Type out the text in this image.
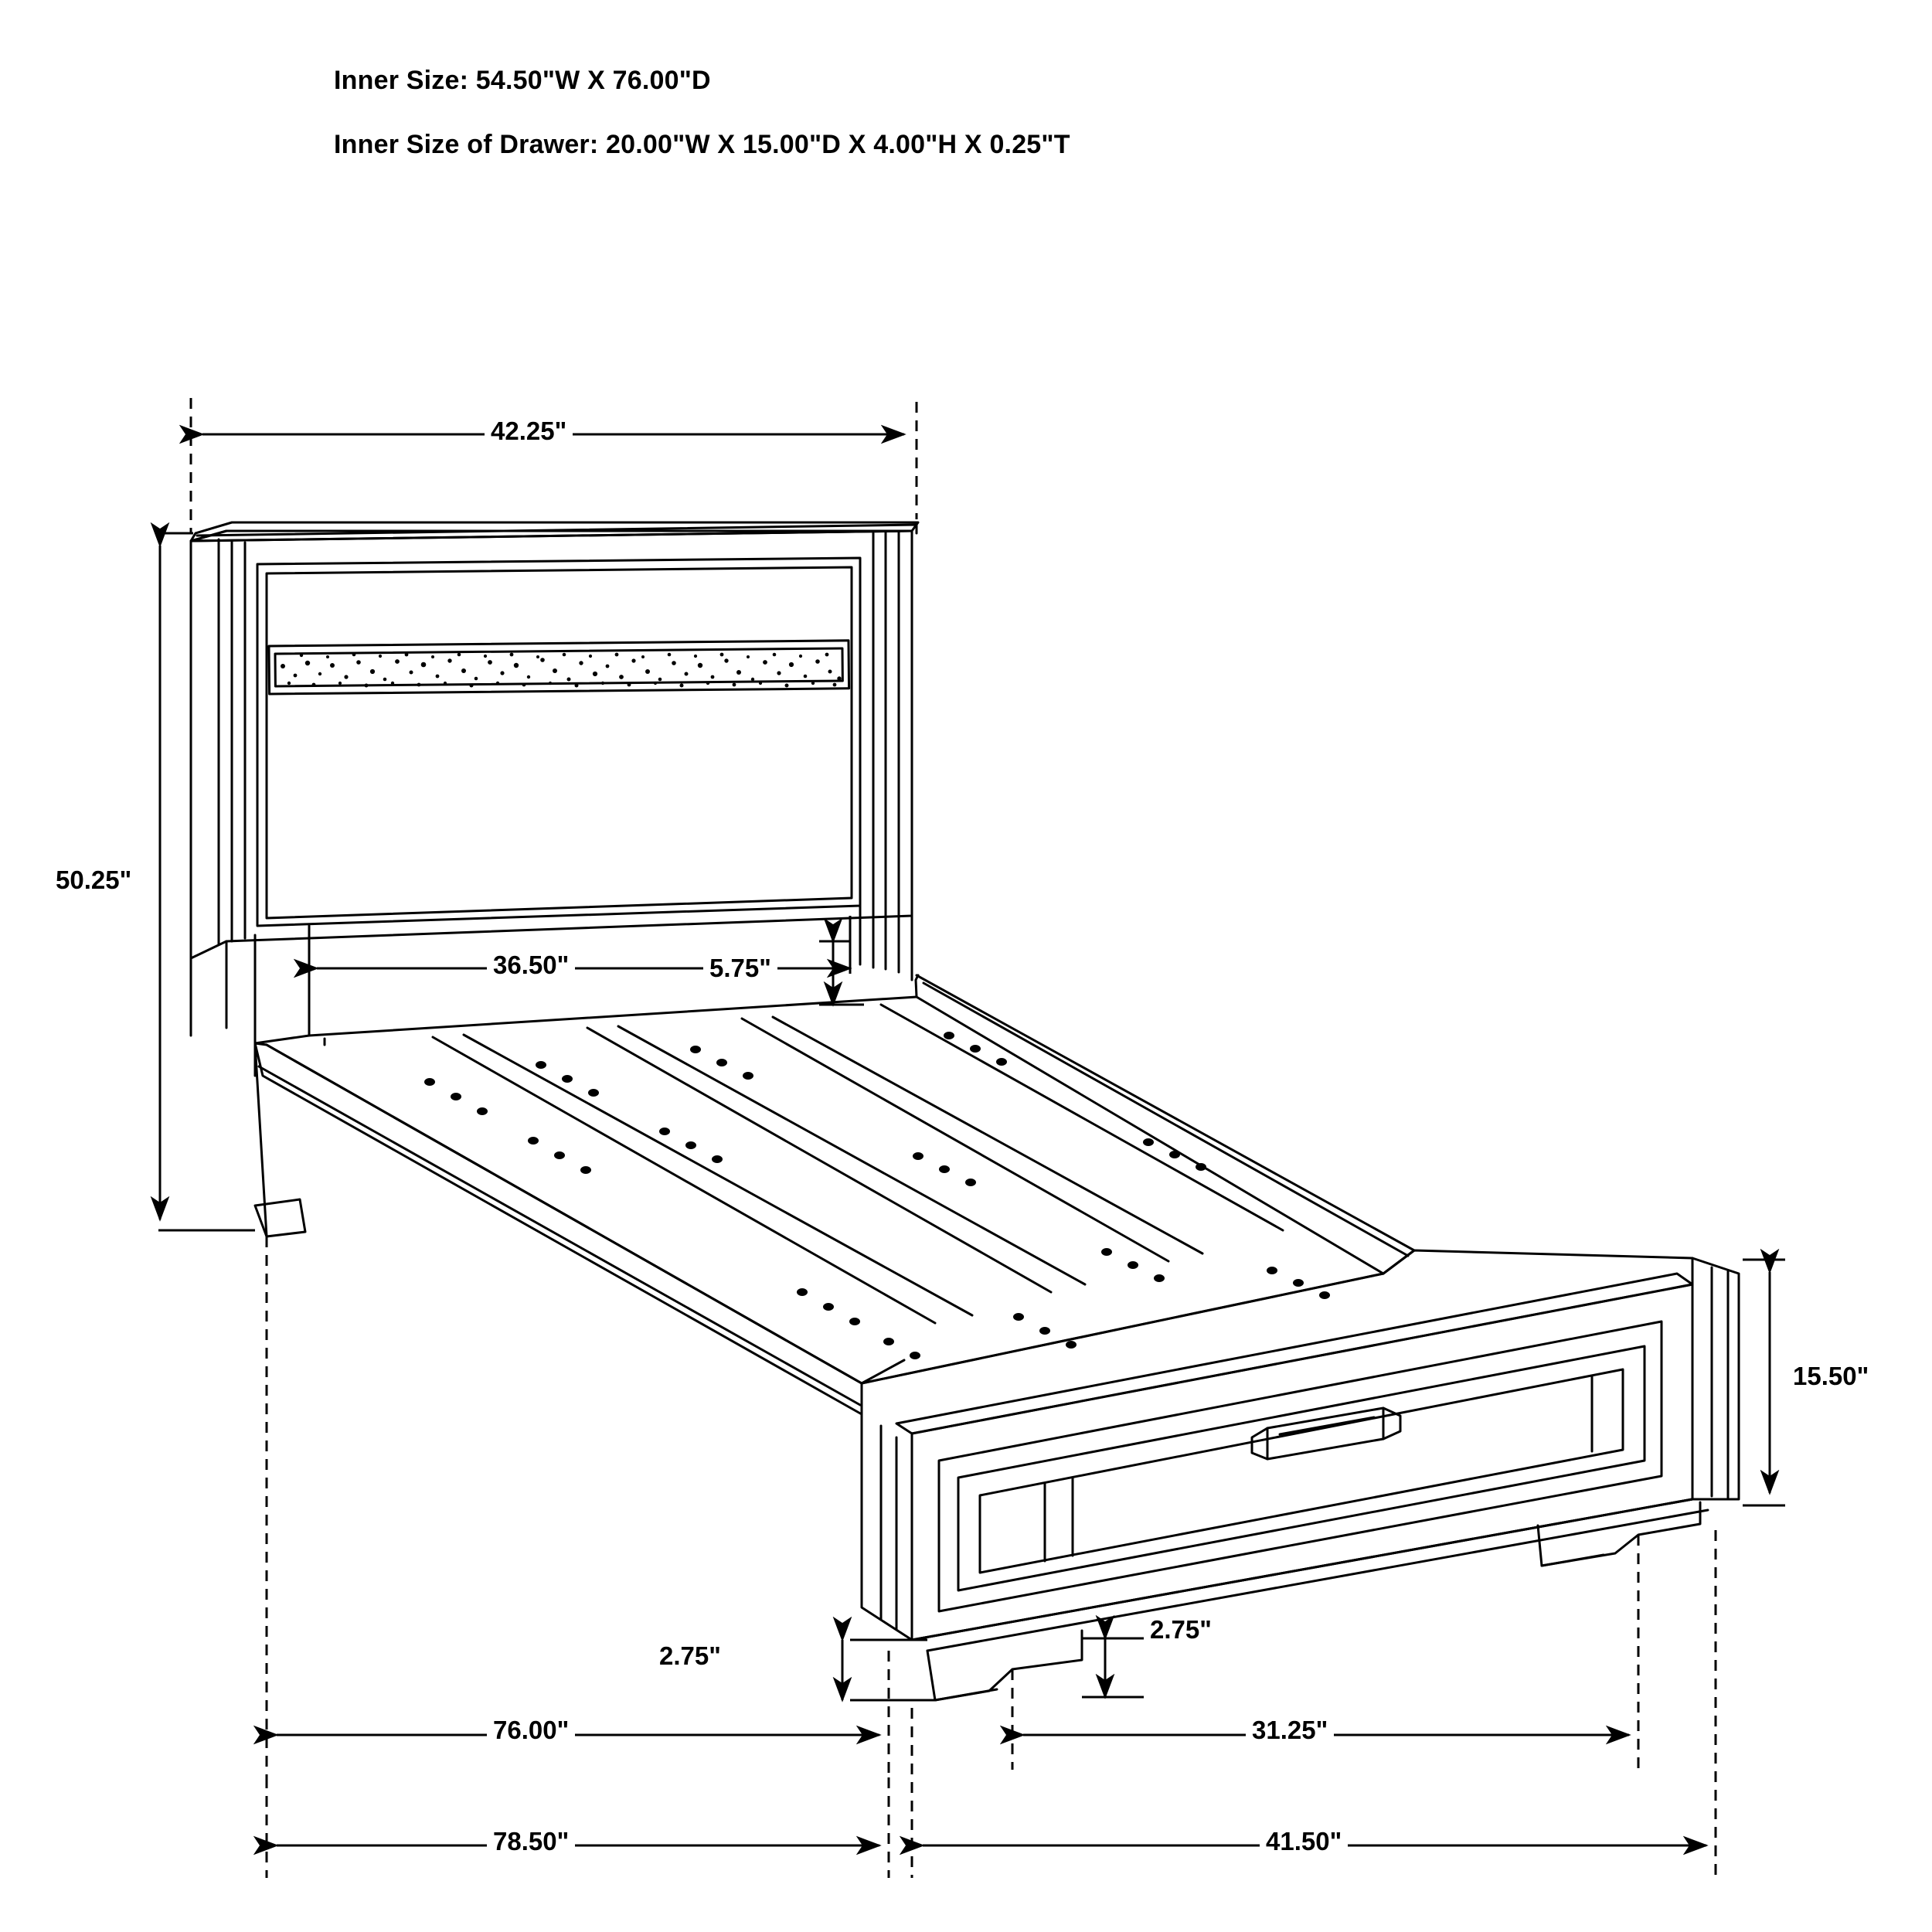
Inner Size: 54.50"W X 76.00"D
Inner Size of Drawer: 20.00"W X 15.00"D X 4.00"H X 0.25"T
42.25"
50.25"
36.50"	5.75"
15.50"
2.75"
2.75"
76.00"	31.25"
78.50"	41.50"
